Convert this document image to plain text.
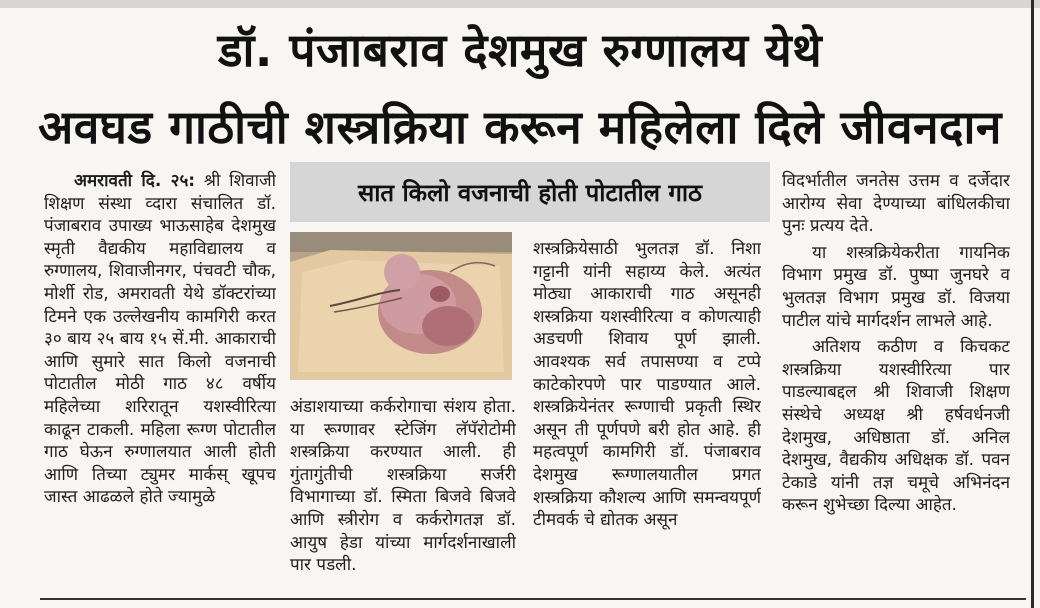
डॉ. पंजाबराव देशमुख रुग्णालय येथे
अवघड गाठीची शस्त्रक्रिया करून महिलेला दिले जीवनदान

अमरावती दि. २५: श्री शिवाजी शिक्षण संस्था व्दारा संचालित डॉ. पंजाबराव उपाख्य भाऊसाहेब देशमुख स्मृती वैद्यकीय महाविद्यालय व रुग्णालय, शिवाजीनगर, पंचवटी चौक, मोर्शी रोड, अमरावती येथे डॉक्टरांच्या टिमने एक उल्लेखनीय कामगिरी करत ३० बाय २५ बाय १५ सें.मी. आकाराची आणि सुमारे सात किलो वजनाची पोटातील मोठी गाठ ४८ वर्षीय महिलेच्या शरिरातून यशस्वीरित्या काढून टाकली. महिला रूग्ण पोटातील गाठ घेऊन रुग्णालयात आली होती आणि तिच्या ट्युमर मार्कस् खूपच जास्त आढळले होते ज्यामुळे

सात किलो वजनाची होती पोटातील गाठ

अंडाशयाच्या कर्करोगाचा संशय होता. या रूग्णावर स्टेजिंग लॅपॅरोटोमी शस्त्रक्रिया करण्यात आली. ही गुंतागुंतीची शस्त्रक्रिया सर्जरी विभागाच्या डॉ. स्मिता बिजवे बिजवे आणि स्त्रीरोग व कर्करोगतज्ञ डॉ. आयुष हेडा यांच्या मार्गदर्शनाखाली पार पडली.

शस्त्रक्रियेसाठी भुलतज्ञ डॉ. निशा गट्टानी यांनी सहाय्य केले. अत्यंत मोठ्या आकाराची गाठ असूनही शस्त्रक्रिया यशस्वीरित्या व कोणत्याही अडचणी शिवाय पूर्ण झाली. आवश्यक सर्व तपासण्या व टप्पे काटेकोरपणे पार पाडण्यात आले. शस्त्रक्रियेनंतर रूग्णाची प्रकृती स्थिर असून ती पूर्णपणे बरी होत आहे. ही महत्वपूर्ण कामगिरी डॉ. पंजाबराव देशमुख रूग्णालयातील प्रगत शस्त्रक्रिया कौशल्य आणि समन्वयपूर्ण टीमवर्क चे द्योतक असून

विदर्भातील जनतेस उत्तम व दर्जेदार आरोग्य सेवा देण्याच्या बांधिलकीचा पुनः प्रत्यय देते.

या शस्त्रक्रियेकरीता गायनिक विभाग प्रमुख डॉ. पुष्पा जुनघरे व भुलतज्ञ विभाग प्रमुख डॉ. विजया पाटील यांचे मार्गदर्शन लाभले आहे.

अतिशय कठीण व किचकट शस्त्रक्रिया यशस्वीरित्या पार पाडल्याबद्दल श्री शिवाजी शिक्षण संस्थेचे अध्यक्ष श्री हर्षवर्धनजी देशमुख, अधिष्ठाता डॉ. अनिल देशमुख, वैद्यकीय अधिक्षक डॉ. पवन टेकाडे यांनी तज्ञ चमूचे अभिनंदन करून शुभेच्छा दिल्या आहेत.
